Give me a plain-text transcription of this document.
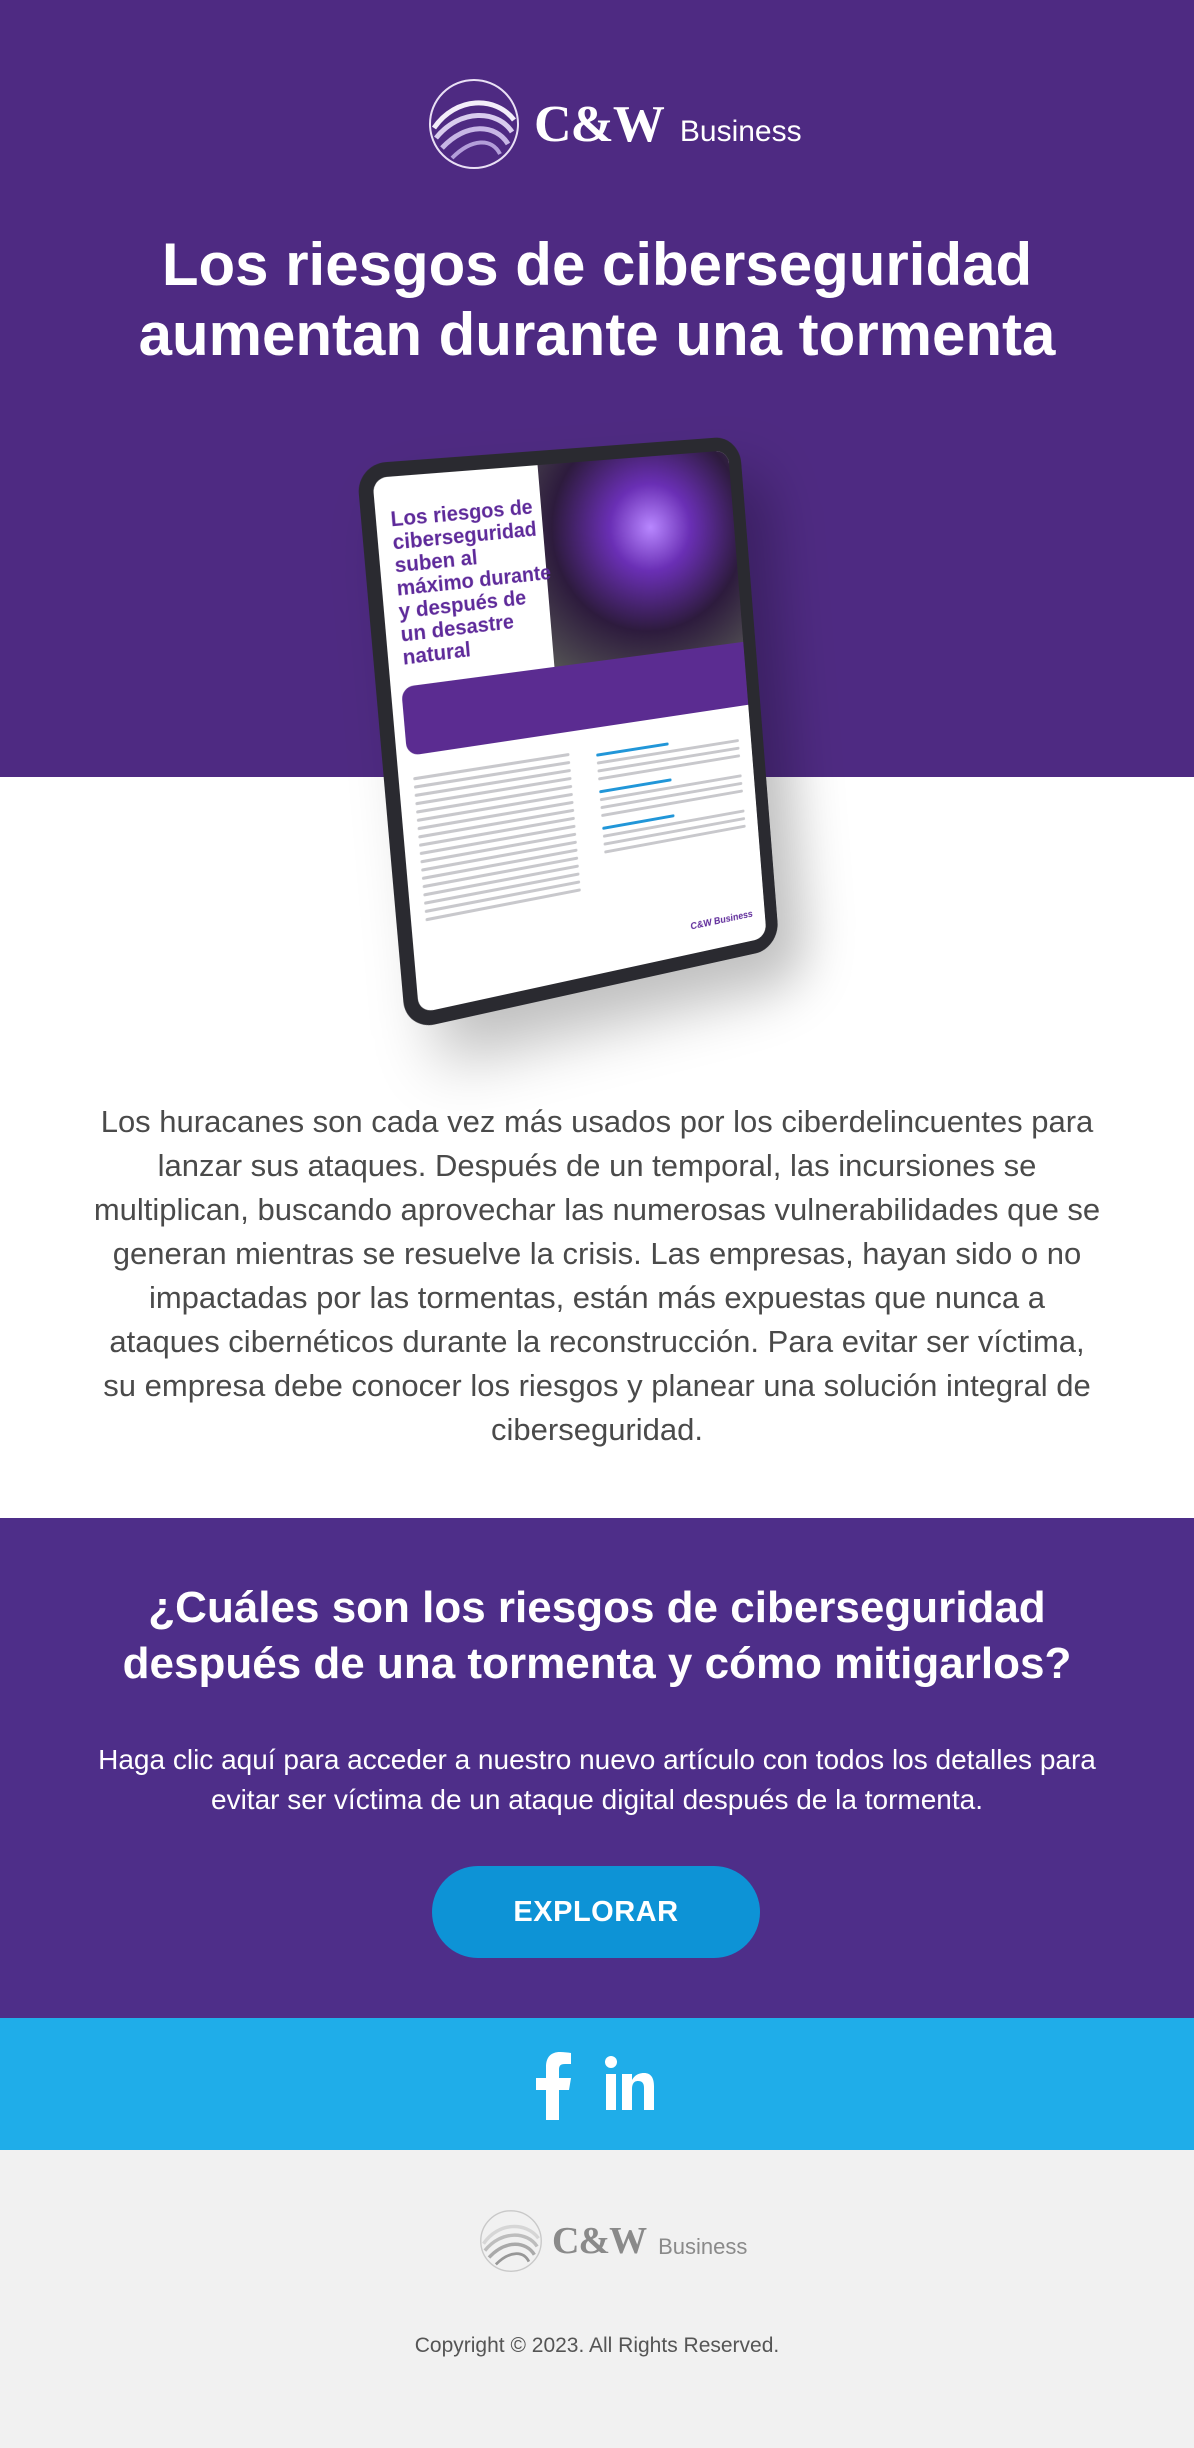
C&W Business
Los riesgos de ciberseguridad aumentan durante una tormenta
Los riesgos de ciberseguridad suben al máximo durante y después de un desastre natural
C&W Business

Los huracanes son cada vez más usados por los ciberdelincuentes para lanzar sus ataques. Después de un temporal, las incursiones se multiplican, buscando aprovechar las numerosas vulnerabilidades que se generan mientras se resuelve la crisis. Las empresas, hayan sido o no impactadas por las tormentas, están más expuestas que nunca a ataques cibernéticos durante la reconstrucción. Para evitar ser víctima, su empresa debe conocer los riesgos y planear una solución integral de ciberseguridad.

¿Cuáles son los riesgos de ciberseguridad después de una tormenta y cómo mitigarlos?

Haga clic aquí para acceder a nuestro nuevo artículo con todos los detalles para evitar ser víctima de un ataque digital después de la tormenta.

EXPLORAR
C&W Business

Copyright © 2023. All Rights Reserved.
